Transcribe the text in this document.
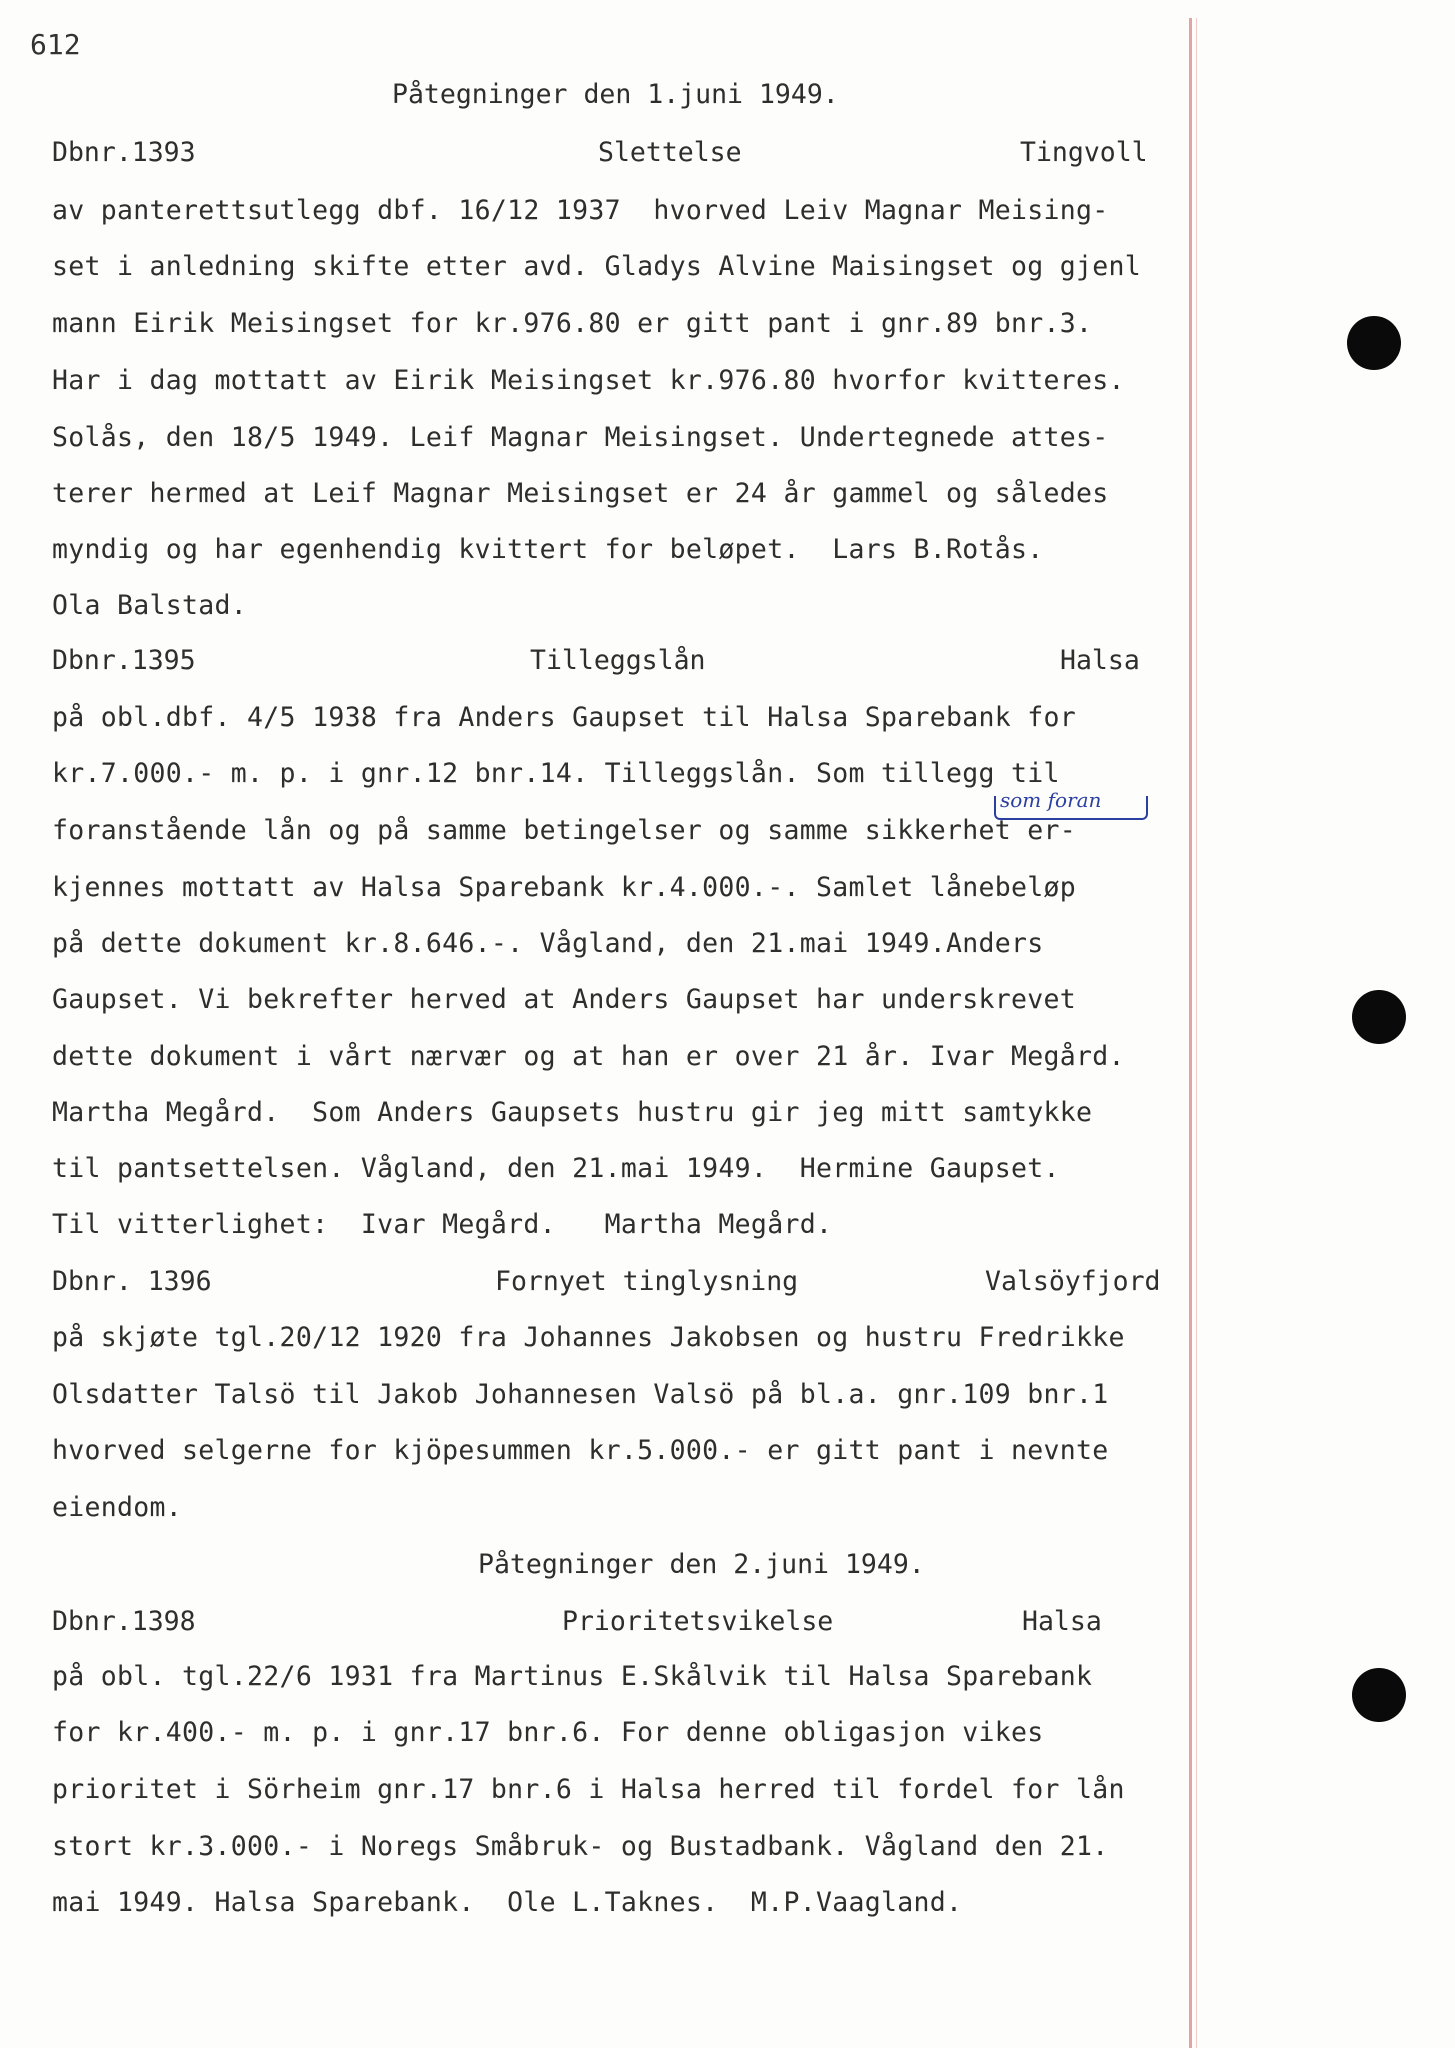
612
Påtegninger den 1.juni 1949.
Dbnr.1393	Slettelse	Tingvoll
av panterettsutlegg dbf. 16/12 1937  hvorved Leiv Magnar Meising-
set i anledning skifte etter avd. Gladys Alvine Maisingset og gjenl
mann Eirik Meisingset for kr.976.80 er gitt pant i gnr.89 bnr.3.
Har i dag mottatt av Eirik Meisingset kr.976.80 hvorfor kvitteres.
Solås, den 18/5 1949. Leif Magnar Meisingset. Undertegnede attes-
terer hermed at Leif Magnar Meisingset er 24 år gammel og således
myndig og har egenhendig kvittert for beløpet.  Lars B.Rotås.
Ola Balstad.
Dbnr.1395	Tilleggslån	Halsa
på obl.dbf. 4/5 1938 fra Anders Gaupset til Halsa Sparebank for
kr.7.000.- m. p. i gnr.12 bnr.14. Tilleggslån. Som tillegg til
som foran
foranstående lån og på samme betingelser og samme sikkerhet er-
kjennes mottatt av Halsa Sparebank kr.4.000.-. Samlet lånebeløp
på dette dokument kr.8.646.-. Vågland, den 21.mai 1949.Anders
Gaupset. Vi bekrefter herved at Anders Gaupset har underskrevet
dette dokument i vårt nærvær og at han er over 21 år. Ivar Megård.
Martha Megård.  Som Anders Gaupsets hustru gir jeg mitt samtykke
til pantsettelsen. Vågland, den 21.mai 1949.  Hermine Gaupset.
Til vitterlighet:  Ivar Megård.   Martha Megård.
Dbnr. 1396	Fornyet tinglysning	Valsöyfjord
på skjøte tgl.20/12 1920 fra Johannes Jakobsen og hustru Fredrikke
Olsdatter Talsö til Jakob Johannesen Valsö på bl.a. gnr.109 bnr.1
hvorved selgerne for kjöpesummen kr.5.000.- er gitt pant i nevnte
eiendom.
Påtegninger den 2.juni 1949.
Dbnr.1398	Prioritetsvikelse	Halsa
på obl. tgl.22/6 1931 fra Martinus E.Skålvik til Halsa Sparebank
for kr.400.- m. p. i gnr.17 bnr.6. For denne obligasjon vikes
prioritet i Sörheim gnr.17 bnr.6 i Halsa herred til fordel for lån
stort kr.3.000.- i Noregs Småbruk- og Bustadbank. Vågland den 21.
mai 1949. Halsa Sparebank.  Ole L.Taknes.  M.P.Vaagland.
